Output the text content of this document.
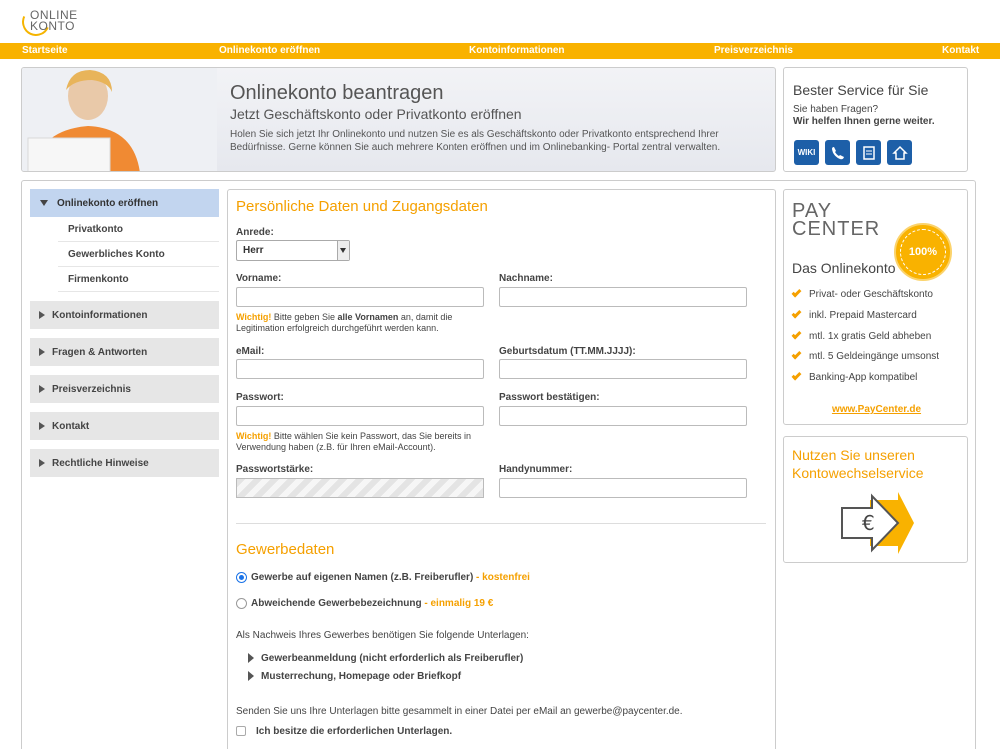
ONLINE
KONTO
Startseite	Onlinekonto eröffnen	Kontoinformationen	Preisverzeichnis	Kontakt
Onlinekonto beantragen
Jetzt Geschäftskonto oder Privatkonto eröffnen
Holen Sie sich jetzt Ihr Onlinekonto und nutzen Sie es als Geschäftskonto oder Privatkonto entsprechend Ihrer Bedürfnisse. Gerne können Sie auch mehrere Konten eröffnen und im Onlinebanking- Portal zentral verwalten.
Bester Service für Sie
Sie haben Fragen?
Wir helfen Ihnen gerne weiter.
WIKI
Onlinekonto eröffnen
Privatkonto
Gewerbliches Konto
Firmenkonto
Kontoinformationen
Fragen & Antworten
Preisverzeichnis
Kontakt
Rechtliche Hinweise
Persönliche Daten und Zugangsdaten
Anrede:
Herr
Vorname:	Nachname:
Wichtig! Bitte geben Sie alle Vornamen an, damit die Legitimation erfolgreich durchgeführt werden kann.
eMail:	Geburtsdatum (TT.MM.JJJJ):
Passwort:	Passwort bestätigen:
Wichtig! Bitte wählen Sie kein Passwort, das Sie bereits in Verwendung haben (z.B. für Ihren eMail-Account).
Passwortstärke:	Handynummer:
Gewerbedaten
Gewerbe auf eigenen Namen (z.B. Freiberufler) - kostenfrei
Abweichende Gewerbebezeichnung - einmalig 19 €
Als Nachweis Ihres Gewerbes benötigen Sie folgende Unterlagen:
Gewerbeanmeldung (nicht erforderlich als Freiberufler)
Musterrechung, Homepage oder Briefkopf
Senden Sie uns Ihre Unterlagen bitte gesammelt in einer Datei per eMail an gewerbe@paycenter.de.
Ich besitze die erforderlichen Unterlagen.
PAY
CENTER
100%
Das Onlinekonto
Privat- oder Geschäftskonto
inkl. Prepaid Mastercard
mtl. 1x gratis Geld abheben
mtl. 5 Geldeingänge umsonst
Banking-App kompatibel
www.PayCenter.de
Nutzen Sie unseren
Kontowechselservice
€
